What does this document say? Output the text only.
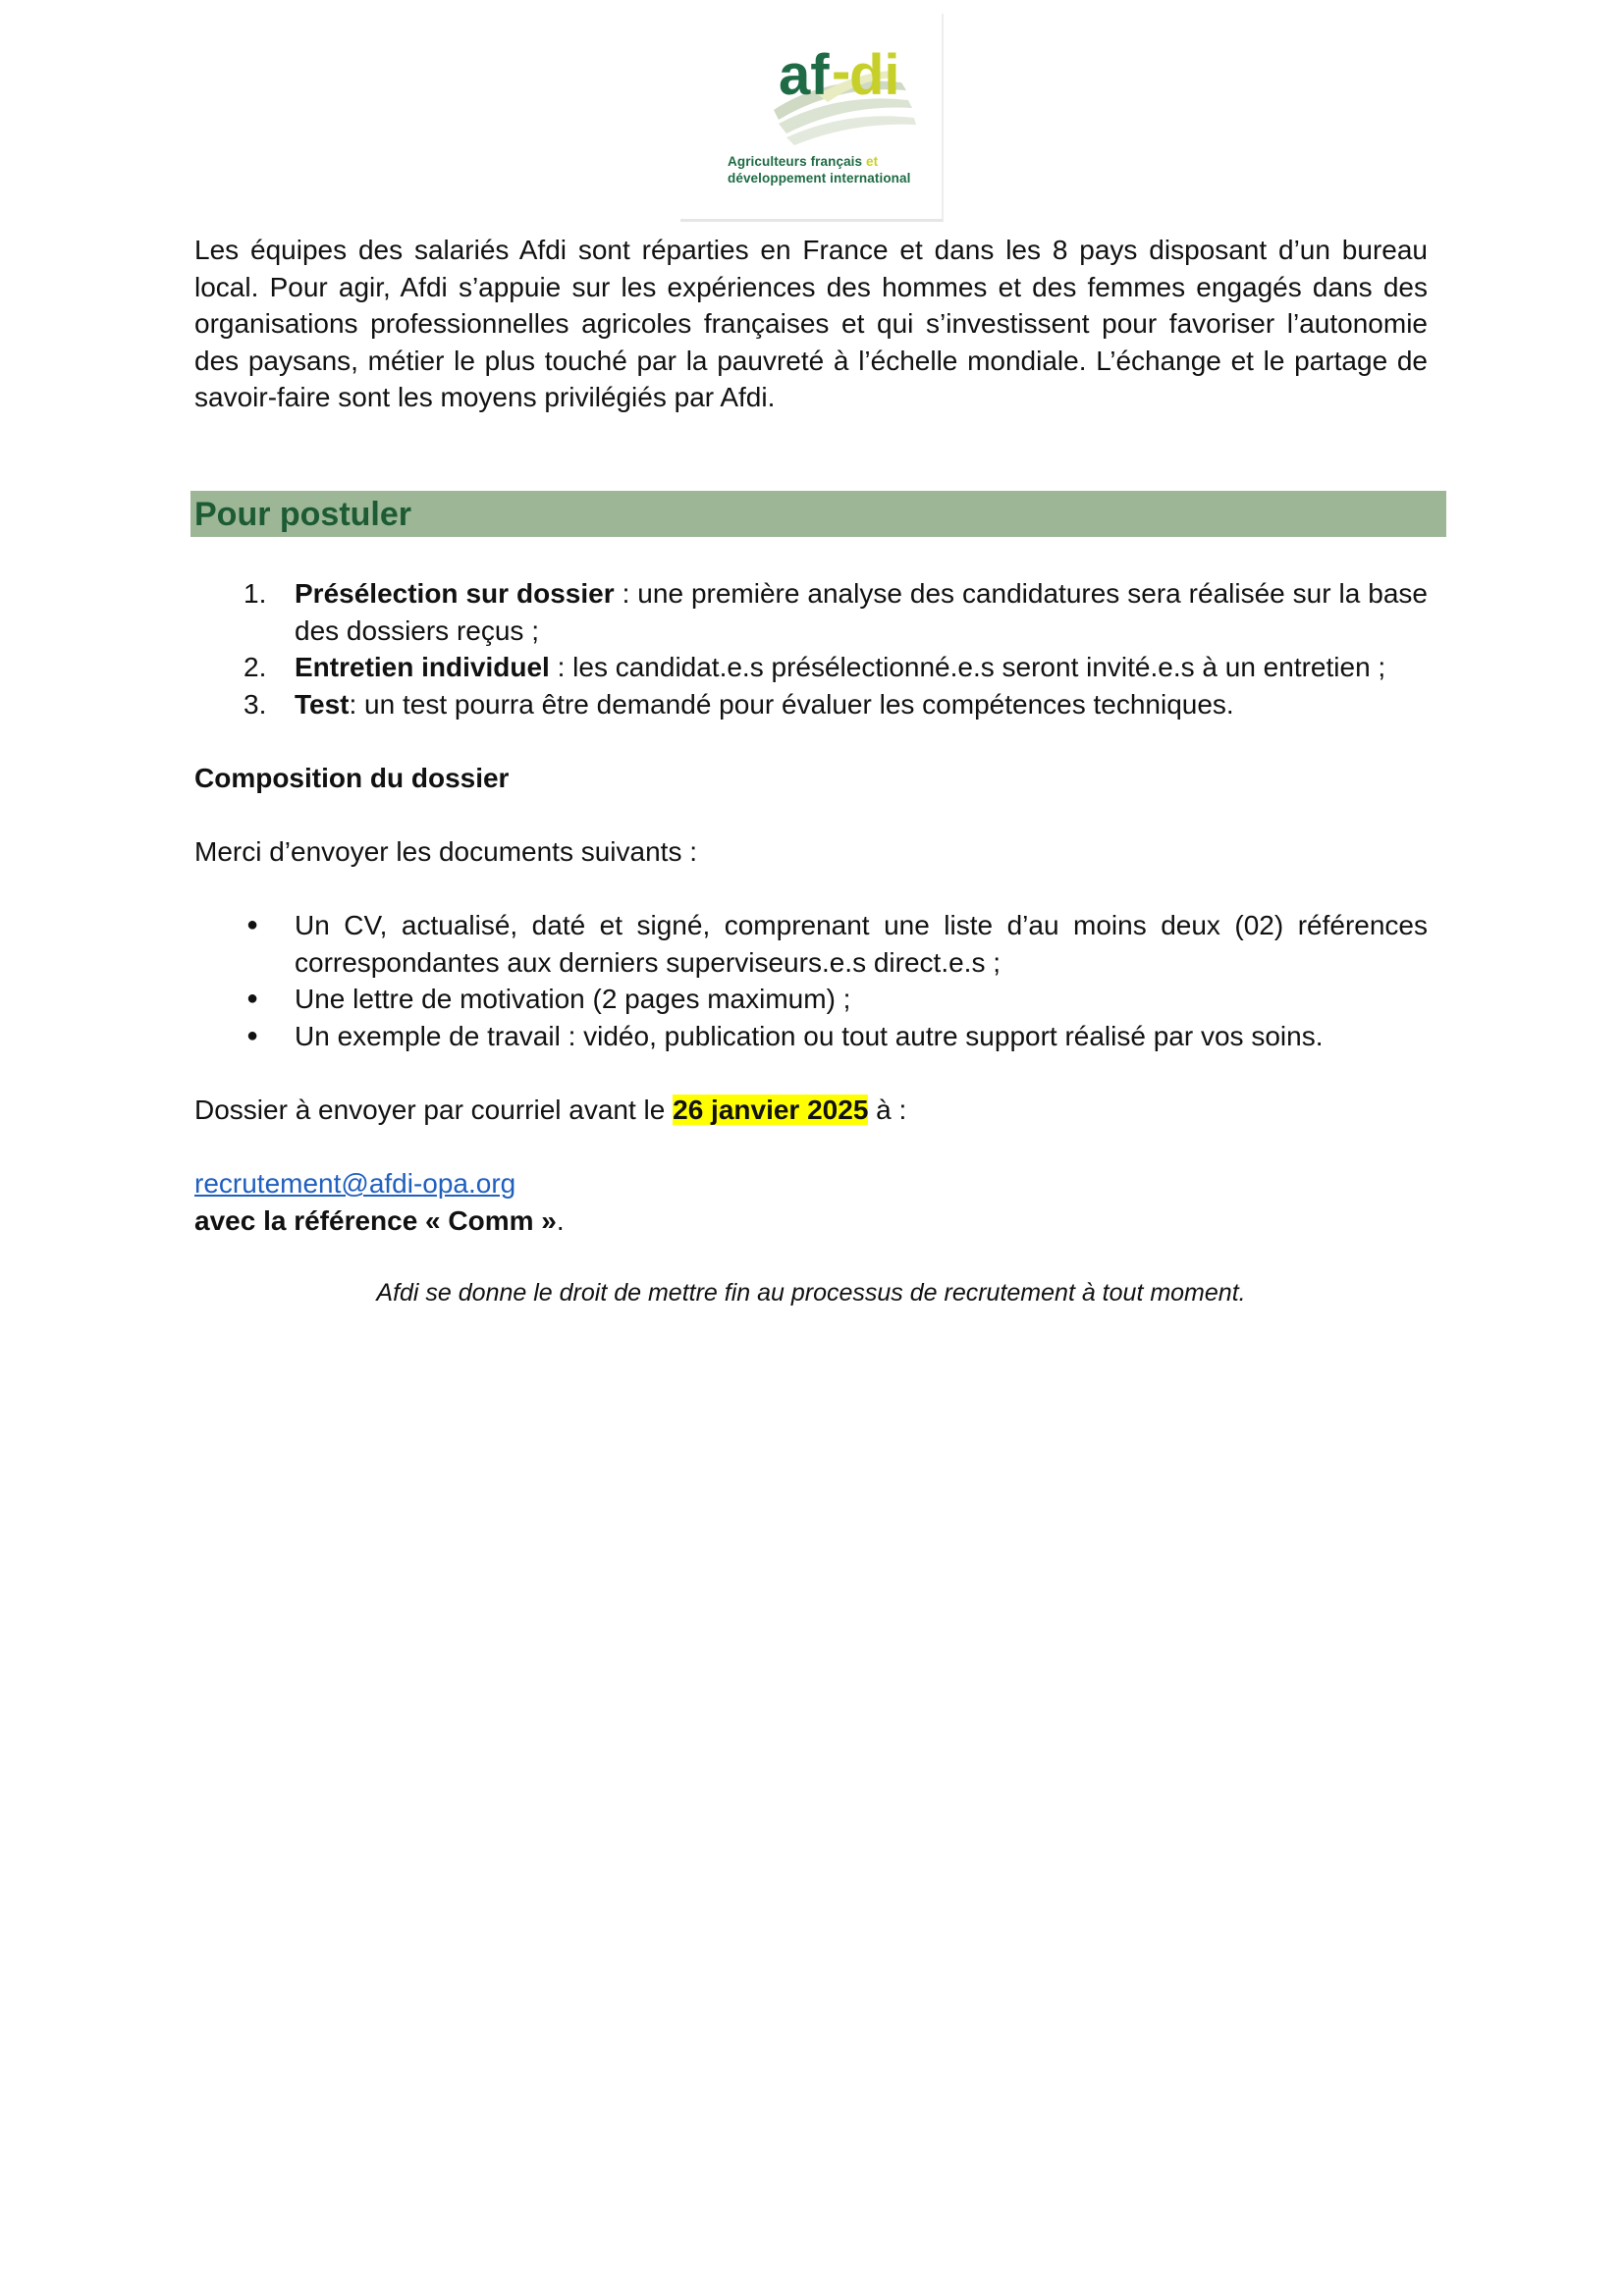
af -
di
Agriculteurs français et
développement international

Les équipes des salariés Afdi sont réparties en France et dans les 8 pays disposant d’un bureau local. Pour agir, Afdi s’appuie sur les expériences des hommes et des femmes engagés dans des organisations professionnelles agricoles françaises et qui s’investissent pour favoriser l’autonomie des paysans, métier le plus touché par la pauvreté à l’échelle mondiale. L’échange et le partage de savoir-faire sont les moyens privilégiés par Afdi.

Pour postuler
1. Présélection sur dossier : une première analyse des candidatures sera réalisée sur la base des dossiers reçus ;
2. Entretien individuel : les candidat.e.s présélectionné.e.s seront invité.e.s à un entretien ;
3. Test: un test pourra être demandé pour évaluer les compétences techniques.
Composition du dossier
Merci d’envoyer les documents suivants :
● Un CV, actualisé, daté et signé, comprenant une liste d’au moins deux (02) références correspondantes aux derniers superviseurs.e.s direct.e.s ;
● Une lettre de motivation (2 pages maximum) ;
● Un exemple de travail : vidéo, publication ou tout autre support réalisé par vos soins.
Dossier à envoyer par courriel avant le 26 janvier 2025 à :
recrutement@afdi-opa.org
avec la référence « Comm ».
Afdi se donne le droit de mettre fin au processus de recrutement à tout moment.
